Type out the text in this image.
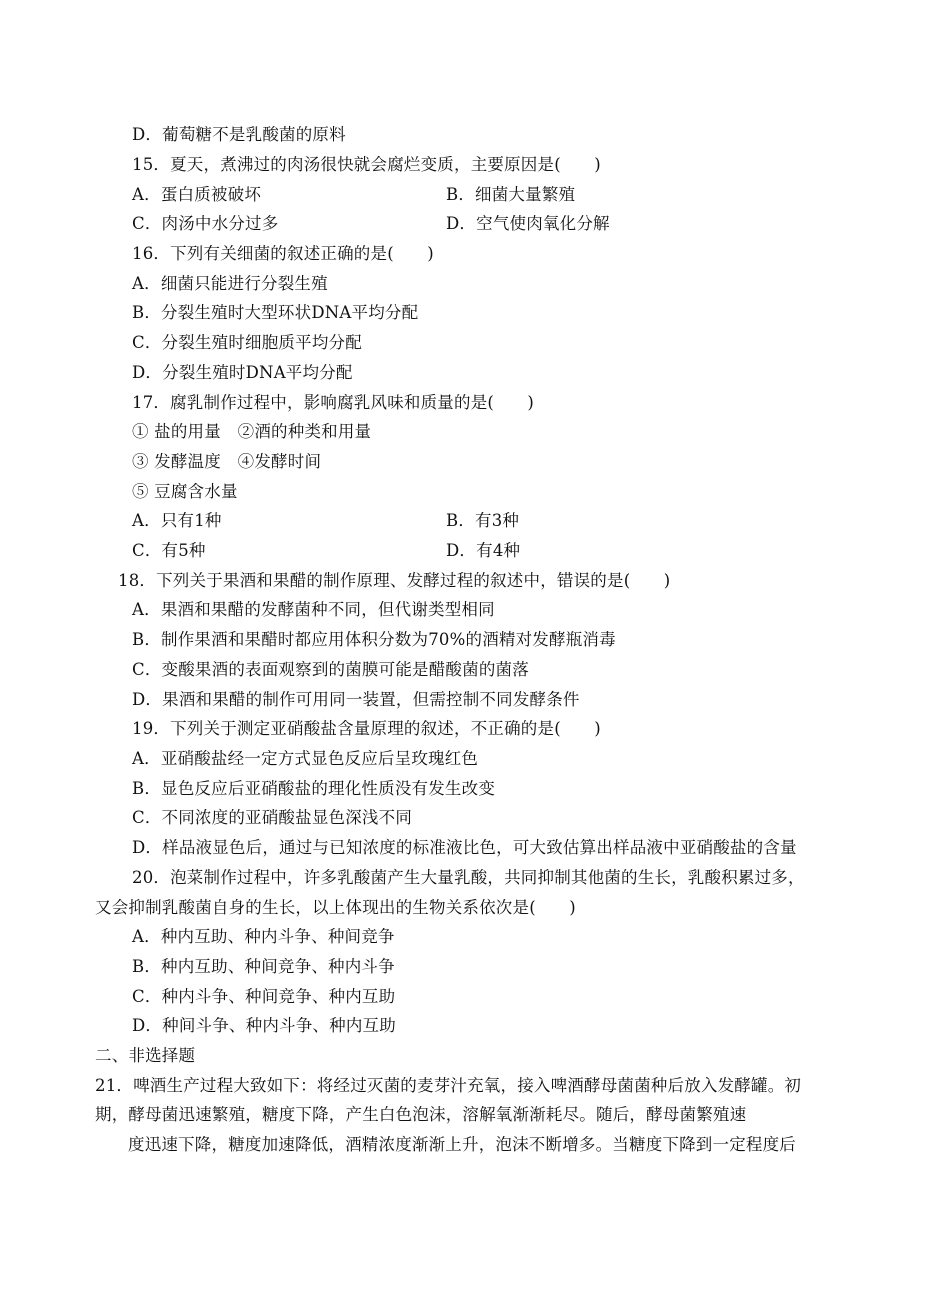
D．葡萄糖不是乳酸菌的原料
15．夏天，煮沸过的肉汤很快就会腐烂变质，主要原因是(　　)
A．蛋白质被破坏	B．细菌大量繁殖
C．肉汤中水分过多	D．空气使肉氧化分解
16．下列有关细菌的叙述正确的是(　　)
A．细菌只能进行分裂生殖
B．分裂生殖时大型环状DNA平均分配
C．分裂生殖时细胞质平均分配
D．分裂生殖时DNA平均分配
17．腐乳制作过程中，影响腐乳风味和质量的是(　　)
① 盐的用量　②酒的种类和用量
③ 发酵温度　④发酵时间
⑤ 豆腐含水量
A．只有1种	B．有3种
C．有5种	D．有4种
18．下列关于果酒和果醋的制作原理、发酵过程的叙述中，错误的是(　　)
A．果酒和果醋的发酵菌种不同，但代谢类型相同
B．制作果酒和果醋时都应用体积分数为70%的酒精对发酵瓶消毒
C．变酸果酒的表面观察到的菌膜可能是醋酸菌的菌落
D．果酒和果醋的制作可用同一装置，但需控制不同发酵条件
19．下列关于测定亚硝酸盐含量原理的叙述，不正确的是(　　)
A．亚硝酸盐经一定方式显色反应后呈玫瑰红色
B．显色反应后亚硝酸盐的理化性质没有发生改变
C．不同浓度的亚硝酸盐显色深浅不同
D．样品液显色后，通过与已知浓度的标准液比色，可大致估算出样品液中亚硝酸盐的含量
20．泡菜制作过程中，许多乳酸菌产生大量乳酸，共同抑制其他菌的生长，乳酸积累过多，
又会抑制乳酸菌自身的生长，以上体现出的生物关系依次是(　　)
A．种内互助、种内斗争、种间竞争
B．种内互助、种间竞争、种内斗争
C．种内斗争、种间竞争、种内互助
D．种间斗争、种内斗争、种内互助
二、非选择题
21．啤酒生产过程大致如下：将经过灭菌的麦芽汁充氧，接入啤酒酵母菌菌种后放入发酵罐。初
期，酵母菌迅速繁殖，糖度下降，产生白色泡沫，溶解氧渐渐耗尽。随后，酵母菌繁殖速
度迅速下降，糖度加速降低，酒精浓度渐渐上升，泡沫不断增多。当糖度下降到一定程度后
